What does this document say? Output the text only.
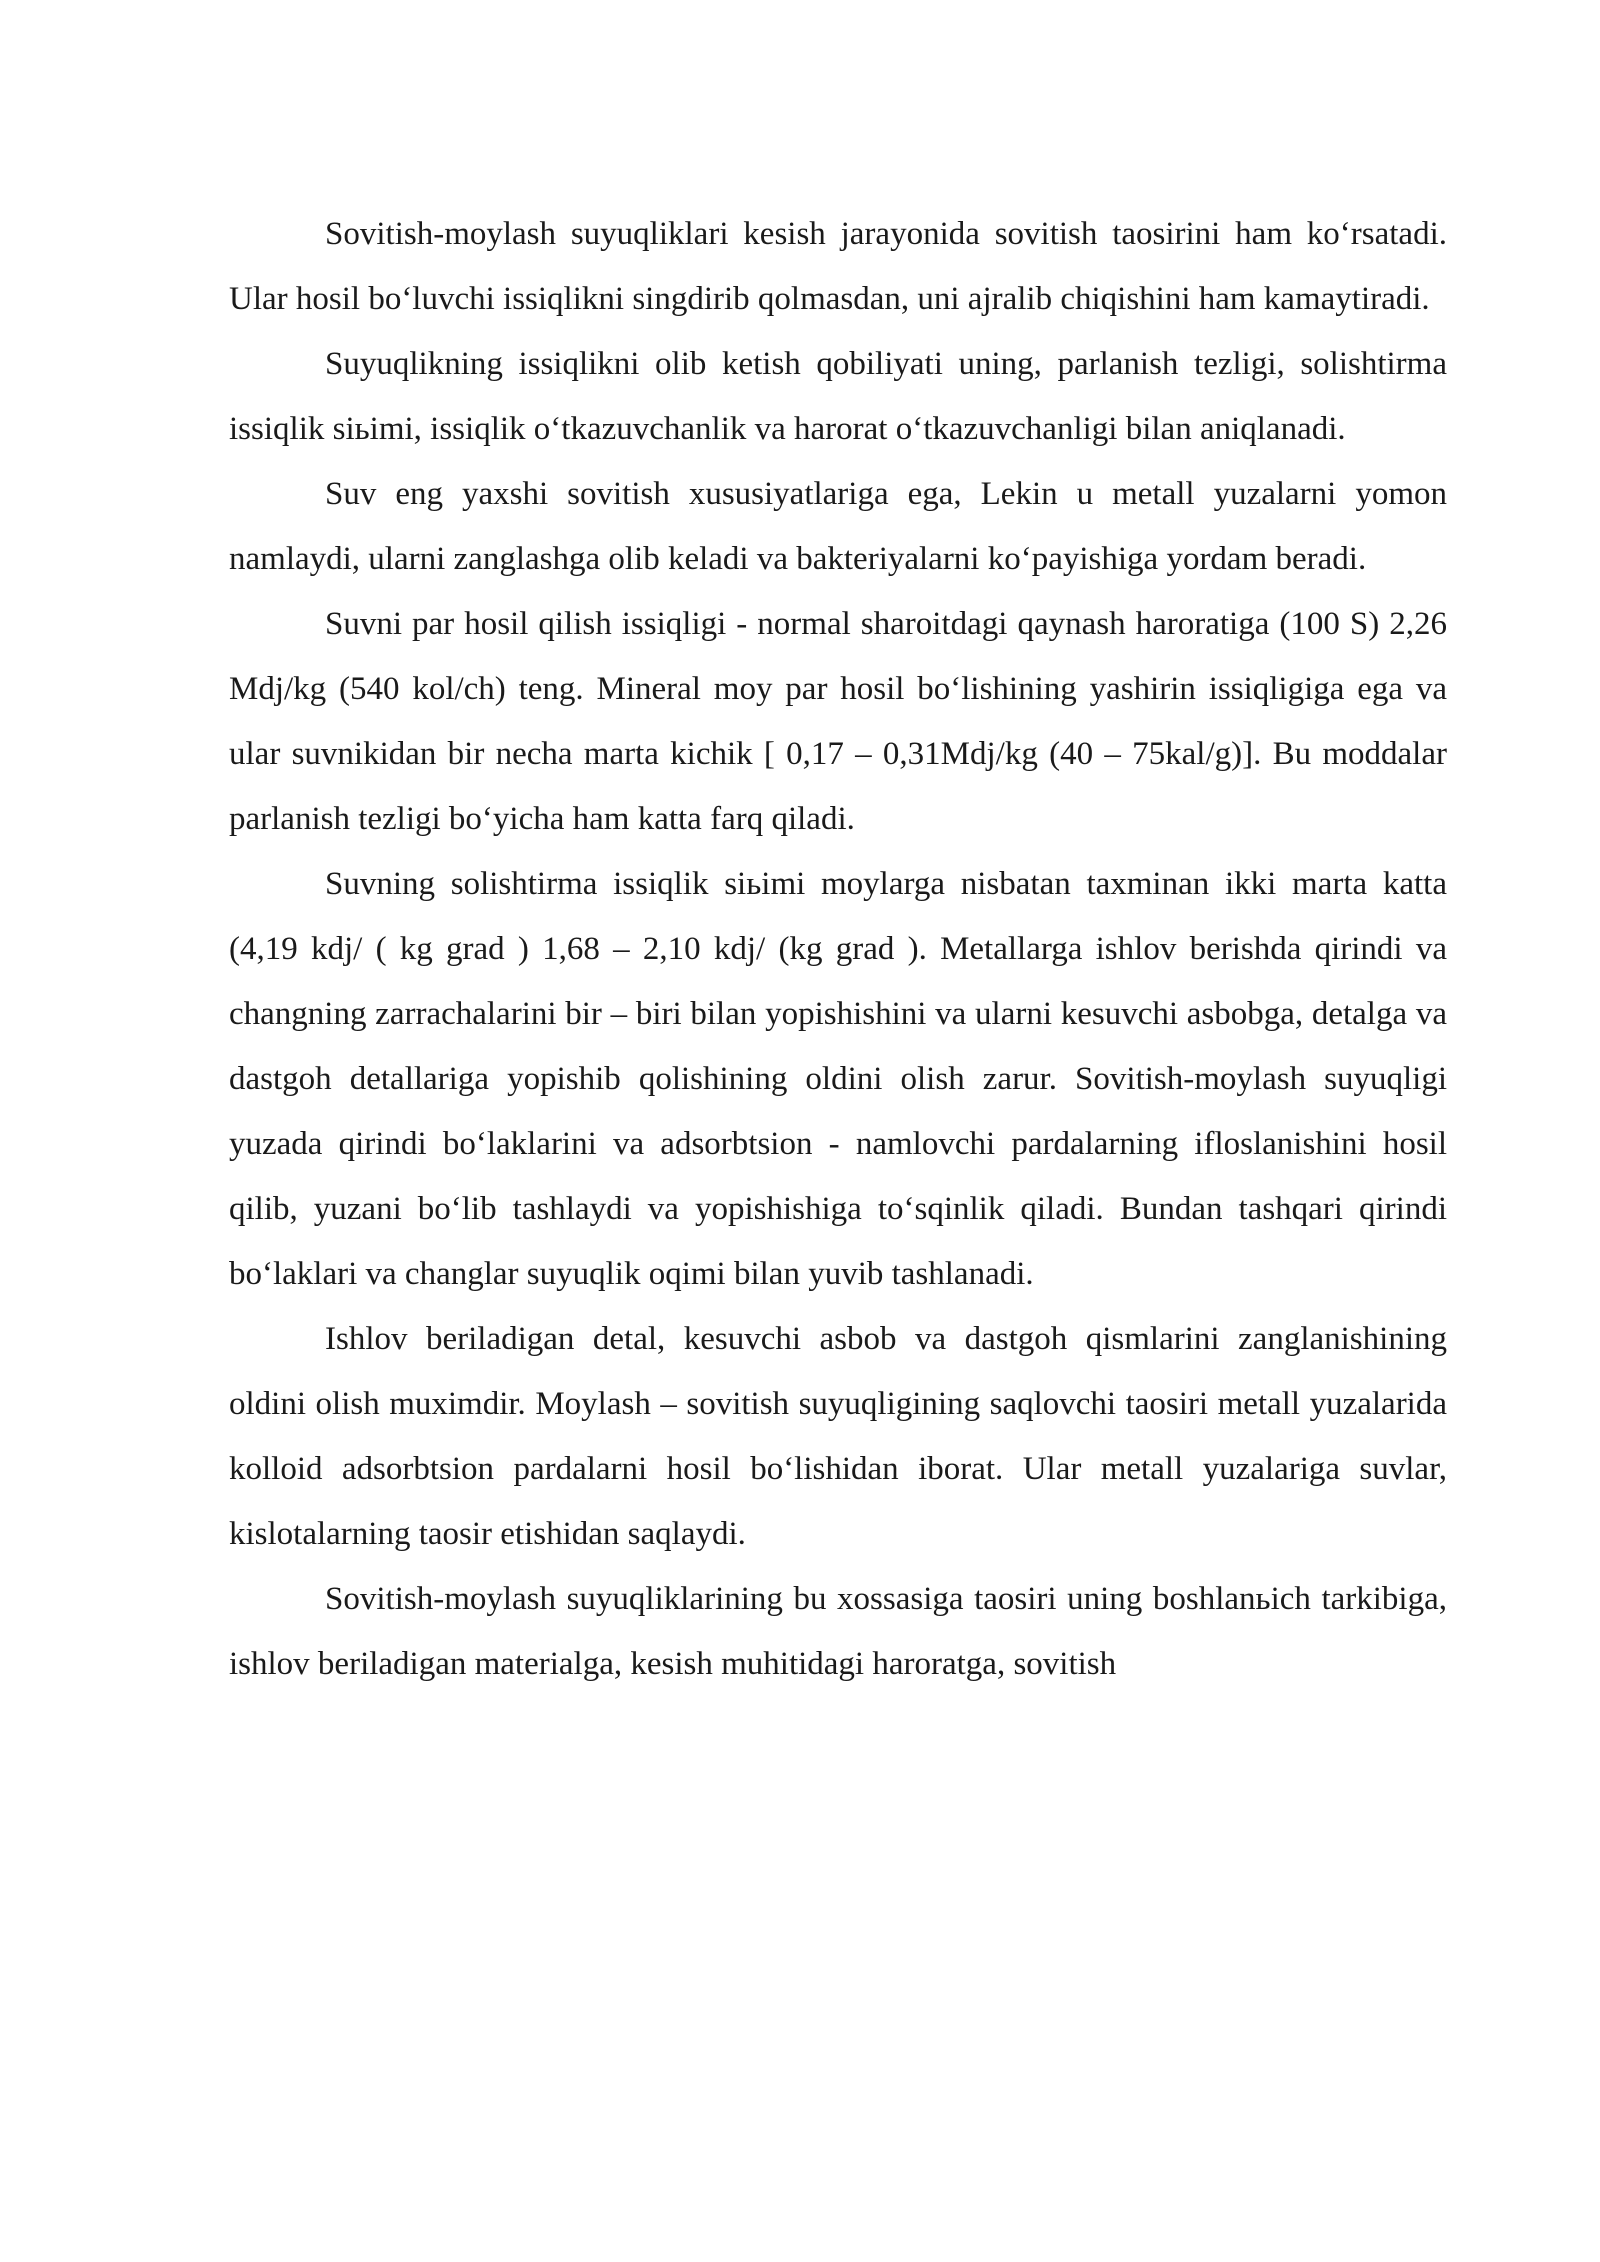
Sovitish-moylash suyuqliklari kesish jarayonida sovitish taosirini ham koʻrsatadi. Ular hosil boʻluvchi issiqlikni singdirib qolmasdan, uni ajralib chiqishini ham kamaytiradi.

Suyuqlikning issiqlikni olib ketish qobiliyati uning, parlanish tezligi, solishtirma issiqlik siьimi, issiqlik oʻtkazuvchanlik va harorat oʻtkazuvchanligi bilan aniqlanadi.

Suv eng yaxshi sovitish xususiyatlariga ega, Lekin u metall yuzalarni yomon namlaydi, ularni zanglashga olib keladi va bakteriyalarni koʻpayishiga yordam beradi.

Suvni par hosil qilish issiqligi - normal sharoitdagi qaynash haroratiga (100 S) 2,26 Mdj/kg (540 kol/ch) teng. Mineral moy par hosil boʻlishining yashirin issiqligiga ega va ular suvnikidan bir necha marta kichik [ 0,17 – 0,31Mdj/kg (40 – 75kal/g)]. Bu moddalar parlanish tezligi boʻyicha ham katta farq qiladi.

Suvning solishtirma issiqlik siьimi moylarga nisbatan taxminan ikki marta katta (4,19 kdj/ ( kg grad ) 1,68 – 2,10 kdj/ (kg grad ). Metallarga ishlov berishda qirindi va changning zarrachalarini bir – biri bilan yopishishini va ularni kesuvchi asbobga, detalga va dastgoh detallariga yopishib qolishining oldini olish zarur. Sovitish-moylash suyuqligi yuzada qirindi boʻlaklarini va adsorbtsion - namlovchi pardalarning ifloslanishini hosil qilib, yuzani boʻlib tashlaydi va yopishishiga toʻsqinlik qiladi. Bundan tashqari qirindi boʻlaklari va changlar suyuqlik oqimi bilan yuvib tashlanadi.

Ishlov beriladigan detal, kesuvchi asbob va dastgoh qismlarini zanglanishining oldini olish muximdir. Moylash – sovitish suyuqligining saqlovchi taosiri metall yuzalarida kolloid adsorbtsion pardalarni hosil boʻlishidan iborat. Ular metall yuzalariga suvlar, kislotalarning taosir etishidan saqlaydi.

Sovitish-moylash suyuqliklarining bu xossasiga taosiri uning boshlanьich tarkibiga, ishlov beriladigan materialga, kesish muhitidagi haroratga, sovitish
